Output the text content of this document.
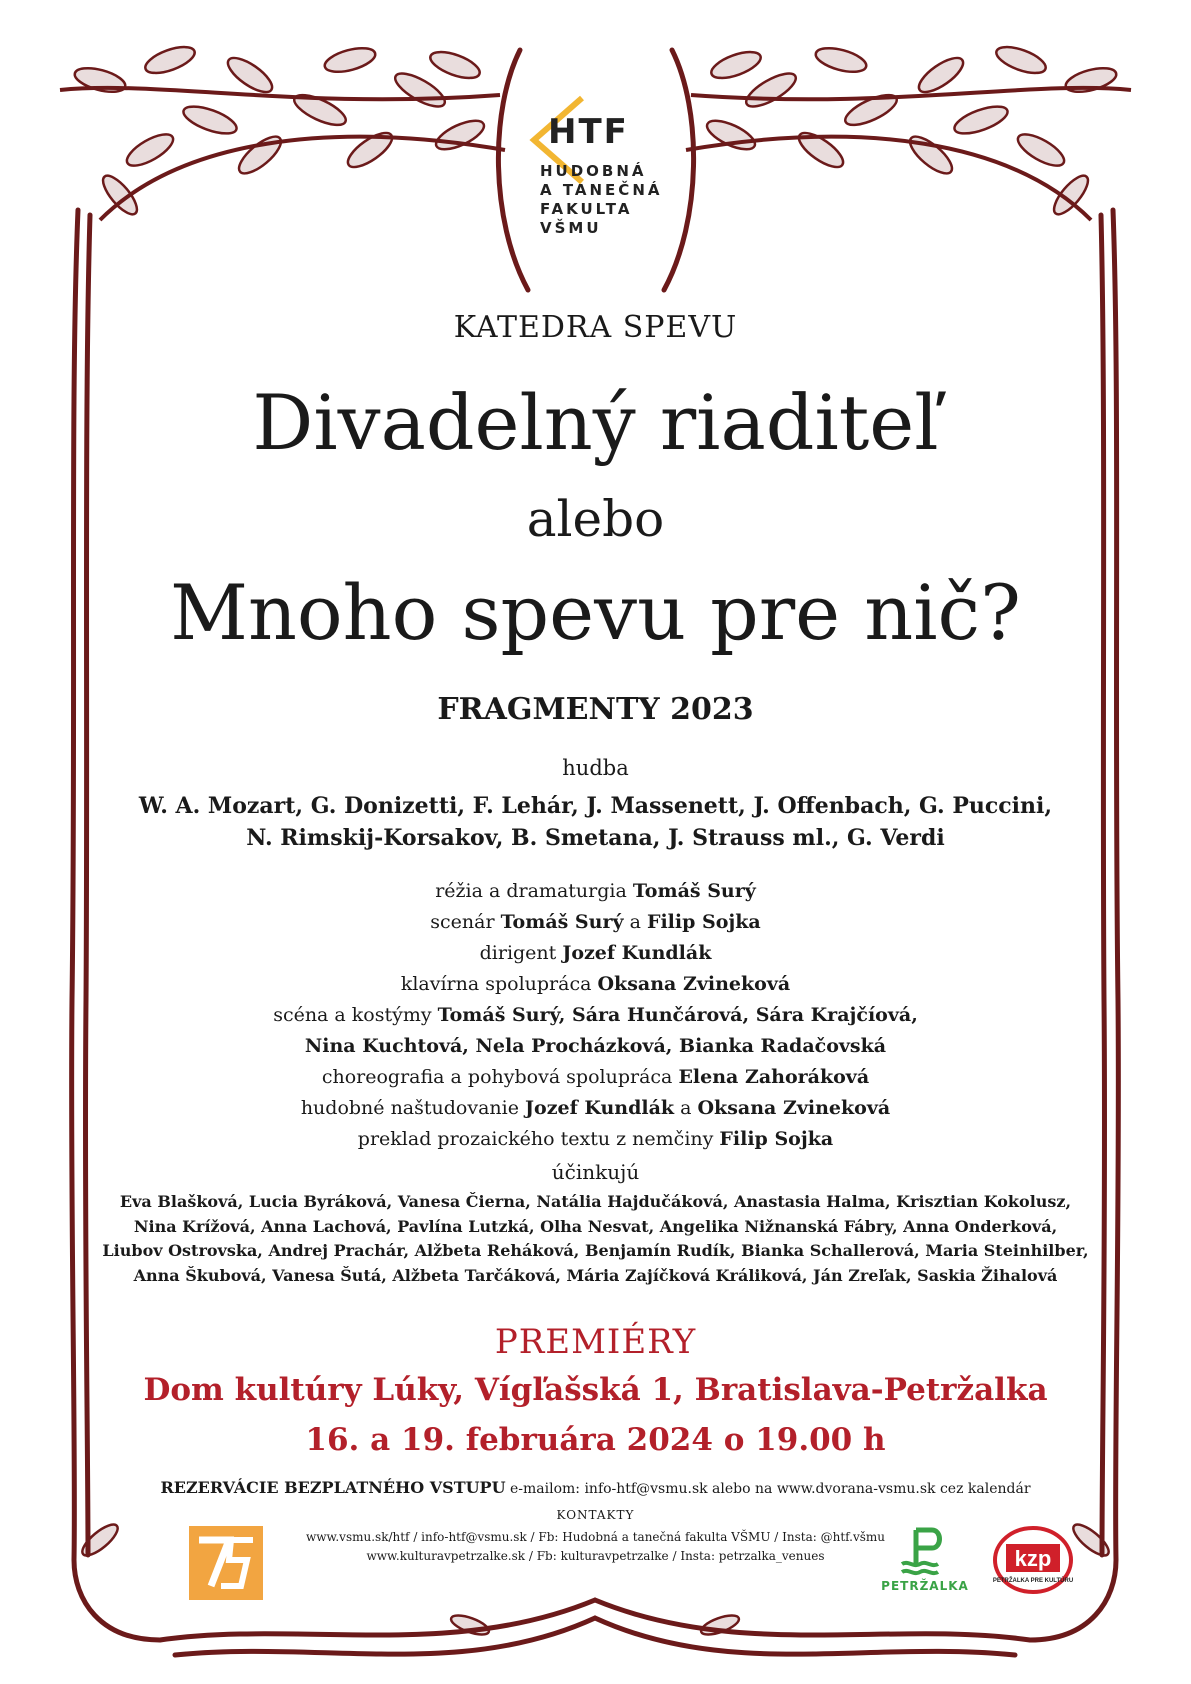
HTF
HUDOBNÁ
A TANEČNÁ
FAKULTA
VŠMU
KATEDRA SPEVU
Divadelný riaditeľ
alebo
Mnoho spevu pre nič?
FRAGMENTY 2023
hudba
W. A. Mozart, G. Donizetti, F. Lehár, J. Massenett, J. Offenbach, G. Puccini,
N. Rimskij-Korsakov, B. Smetana, J. Strauss ml., G. Verdi
réžia a dramaturgia Tomáš Surý
scenár Tomáš Surý a Filip Sojka
dirigent Jozef Kundlák
klavírna spolupráca Oksana Zvineková
scéna a kostýmy Tomáš Surý, Sára Hunčárová, Sára Krajčíová,
Nina Kuchtová, Nela Procházková, Bianka Radačovská
choreografia a pohybová spolupráca Elena Zahoráková
hudobné naštudovanie Jozef Kundlák a Oksana Zvineková
preklad prozaického textu z nemčiny Filip Sojka
účinkujú
Eva Blašková, Lucia Byráková, Vanesa Čierna, Natália Hajdučáková, Anastasia Halma, Krisztian Kokolusz,
Nina Krížová, Anna Lachová, Pavlína Lutzká, Olha Nesvat, Angelika Nižnanská Fábry, Anna Onderková,
Liubov Ostrovska, Andrej Prachár, Alžbeta Reháková, Benjamín Rudík, Bianka Schallerová, Maria Steinhilber,
Anna Škubová, Vanesa Šutá, Alžbeta Tarčáková, Mária Zajíčková Králiková, Ján Zreľak, Saskia Žihalová
PREMIÉRY
Dom kultúry Lúky, Vígľašská 1, Bratislava-Petržalka
16. a 19. februára 2024 o 19.00 h
REZERVÁCIE BEZPLATNÉHO VSTUPU e-mailom: info-htf@vsmu.sk alebo na www.dvorana-vsmu.sk cez kalendár
KONTAKTY
www.vsmu.sk/htf / info-htf@vsmu.sk / Fb: Hudobná a tanečná fakulta VŠMU / Insta: @htf.všmu
www.kulturavpetrzalke.sk / Fb: kulturavpetrzalke / Insta: petrzalka_venues
PETRŽALKA
kzp
PETRŽALKA PRE KULTÚRU
